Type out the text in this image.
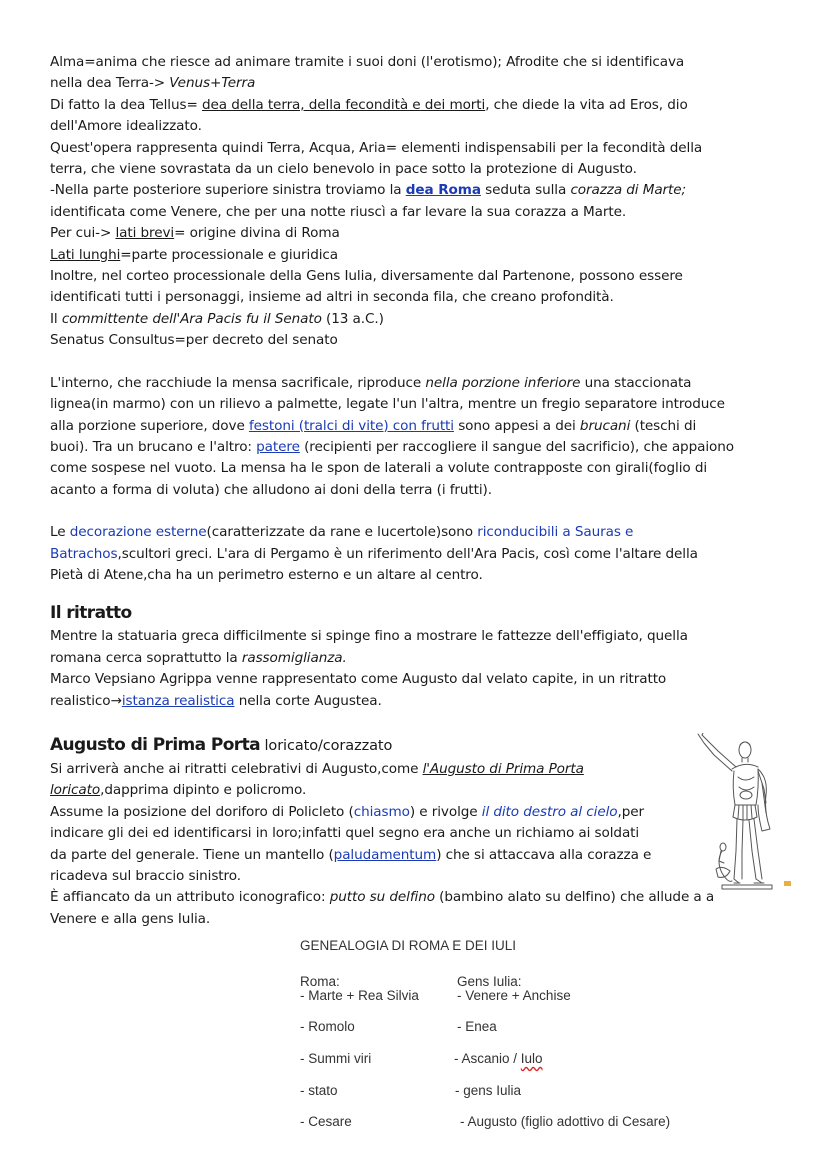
Alma=anima che riesce ad animare tramite i suoi doni (l'erotismo); Afrodite che si identificava

nella dea Terra-> Venus+Terra

Di fatto la dea Tellus= dea della terra, della fecondità e dei morti, che diede la vita ad Eros, dio

dell'Amore idealizzato.

Quest'opera rappresenta quindi Terra, Acqua, Aria= elementi indispensabili per la fecondità della

terra, che viene sovrastata da un cielo benevolo in pace sotto la protezione di Augusto.

-Nella parte posteriore superiore sinistra troviamo la dea Roma seduta sulla corazza di Marte;

identificata come Venere, che per una notte riuscì a far levare la sua corazza a Marte.

Per cui-> lati brevi= origine divina di Roma

Lati lunghi=parte processionale e giuridica

Inoltre, nel corteo processionale della Gens Iulia, diversamente dal Partenone, possono essere

identificati tutti i personaggi, insieme ad altri in seconda fila, che creano profondità.

Il committente dell'Ara Pacis fu il Senato (13 a.C.)

Senatus Consultus=per decreto del senato

L'interno, che racchiude la mensa sacrificale, riproduce nella porzione inferiore una staccionata

lignea(in marmo) con un rilievo a palmette, legate l'un l'altra, mentre un fregio separatore introduce

alla porzione superiore, dove festoni (tralci di vite) con frutti sono appesi a dei brucani (teschi di

buoi). Tra un brucano e l'altro: patere (recipienti per raccogliere il sangue del sacrificio), che appaiono

come sospese nel vuoto. La mensa ha le spon de laterali a volute contrapposte con girali(foglio di

acanto a forma di voluta) che alludono ai doni della terra (i frutti).

Le decorazione esterne(caratterizzate da rane e lucertole)sono riconducibili a Sauras e

Batrachos,scultori greci. L'ara di Pergamo è un riferimento dell'Ara Pacis, così come l'altare della

Pietà di Atene,cha ha un perimetro esterno e un altare al centro.

Il ritratto

Mentre la statuaria greca difficilmente si spinge fino a mostrare le fattezze dell'effigiato, quella

romana cerca soprattutto la rassomiglianza.

Marco Vepsiano Agrippa venne rappresentato come Augusto dal velato capite, in un ritratto

realistico→istanza realistica nella corte Augustea.

Augusto di Prima Porta loricato/corazzato

Si arriverà anche ai ritratti celebrativi di Augusto,come l'Augusto di Prima Porta

loricato,dapprima dipinto e policromo.

Assume la posizione del doriforo di Policleto (chiasmo) e rivolge il dito destro al cielo,per

indicare gli dei ed identificarsi in loro;infatti quel segno era anche un richiamo ai soldati

da parte del generale. Tiene un mantello (paludamentum) che si attaccava alla corazza e

ricadeva sul braccio sinistro.

È affiancato da un attributo iconografico: putto su delfino (bambino alato su delfino) che allude a a

Venere e alla gens Iulia.

GENEALOGIA DI ROMA E DEI IULI
Roma:	Gens Iulia:
- Marte + Rea Silvia	- Venere + Anchise
- Romolo	- Enea
- Summi viri	- Ascanio / Iulo
- stato	- gens Iulia
- Cesare	- Augusto (figlio adottivo di Cesare)
